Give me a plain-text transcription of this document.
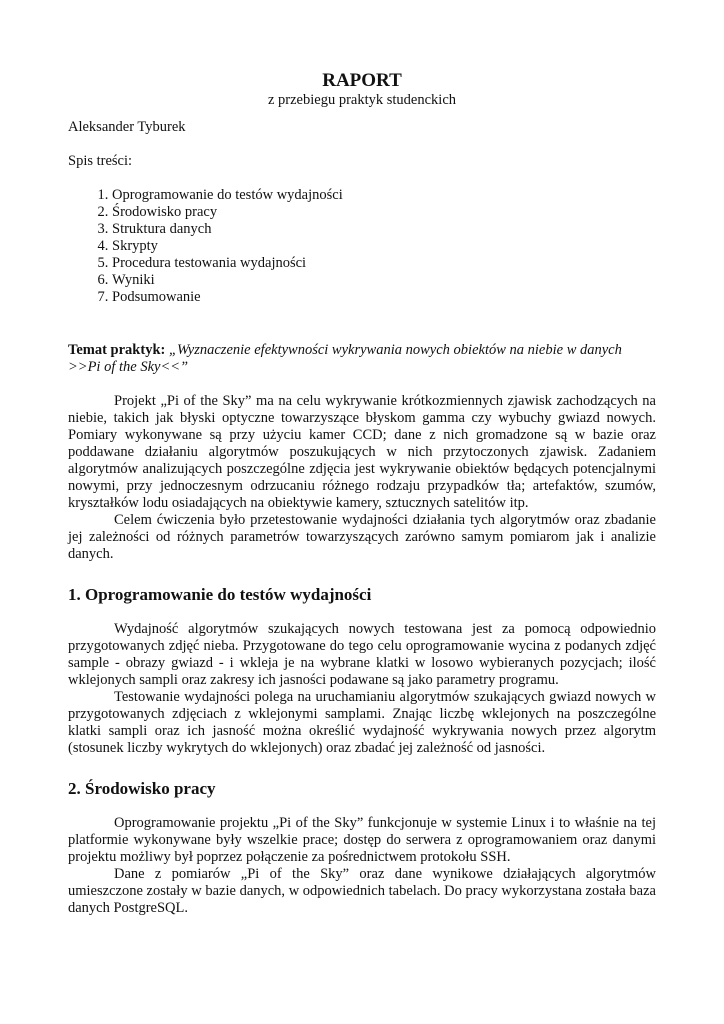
RAPORT

z przebiegu praktyk studenckich

Aleksander Tyburek

Spis treści:

1. Oprogramowanie do testów wydajności
2. Środowisko pracy
3. Struktura danych
4. Skrypty
5. Procedura testowania wydajności
6. Wyniki
7. Podsumowanie

Temat praktyk: „Wyznaczenie efektywności wykrywania nowych obiektów na niebie w danych >>Pi of the Sky<<”

Projekt „Pi of the Sky” ma na celu wykrywanie krótkozmiennych zjawisk zachodzących na niebie, takich jak błyski optyczne towarzyszące błyskom gamma czy wybuchy gwiazd nowych. Pomiary wykonywane są przy użyciu kamer CCD; dane z nich gromadzone są w bazie oraz poddawane działaniu algorytmów poszukujących w nich przytoczonych zjawisk. Zadaniem algorytmów analizujących poszczególne zdjęcia jest wykrywanie obiektów będących potencjalnymi nowymi, przy jednoczesnym odrzucaniu różnego rodzaju przypadków tła; artefaktów, szumów, kryształków lodu osiadających na obiektywie kamery, sztucznych satelitów itp.

Celem ćwiczenia było przetestowanie wydajności działania tych algorytmów oraz zbadanie jej zależności od różnych parametrów towarzyszących zarówno samym pomiarom jak i analizie danych.

1. Oprogramowanie do testów wydajności

Wydajność algorytmów szukających nowych testowana jest za pomocą odpowiednio przygotowanych zdjęć nieba. Przygotowane do tego celu oprogramowanie wycina z podanych zdjęć sample - obrazy gwiazd - i wkleja je na wybrane klatki w losowo wybieranych pozycjach; ilość wklejonych sampli oraz zakresy ich jasności podawane są jako parametry programu.

Testowanie wydajności polega na uruchamianiu algorytmów szukających gwiazd nowych w przygotowanych zdjęciach z wklejonymi samplami. Znając liczbę wklejonych na poszczególne klatki sampli oraz ich jasność można określić wydajność wykrywania nowych przez algorytm (stosunek liczby wykrytych do wklejonych) oraz zbadać jej zależność od jasności.

2. Środowisko pracy

Oprogramowanie projektu „Pi of the Sky” funkcjonuje w systemie Linux i to właśnie na tej platformie wykonywane były wszelkie prace; dostęp do serwera z oprogramowaniem oraz danymi projektu możliwy był poprzez połączenie za pośrednictwem protokołu SSH.

Dane z pomiarów „Pi of the Sky” oraz dane wynikowe działających algorytmów umieszczone zostały w bazie danych, w odpowiednich tabelach. Do pracy wykorzystana została baza danych PostgreSQL.
